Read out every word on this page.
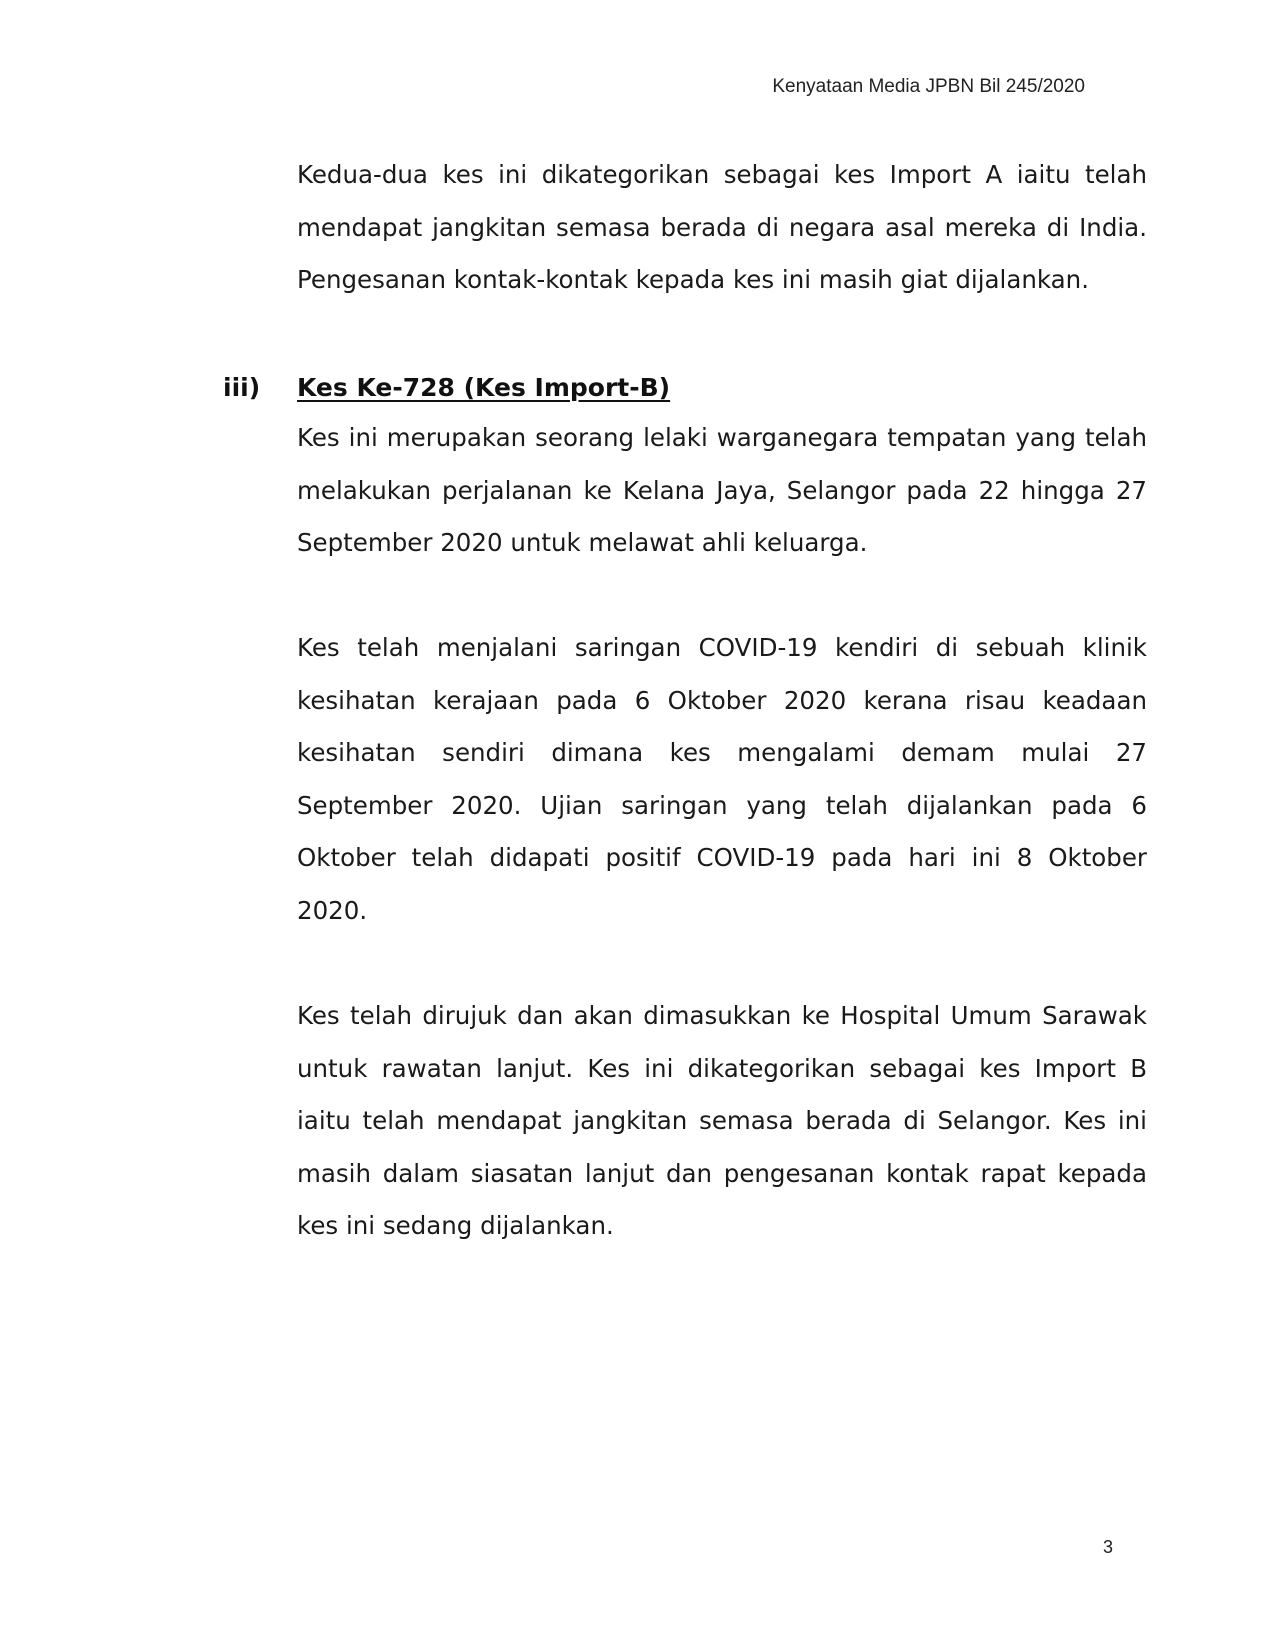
Kenyataan Media JPBN Bil 245/2020

Kedua-dua kes ini dikategorikan sebagai kes Import A iaitu telah mendapat jangkitan semasa berada di negara asal mereka di India. Pengesanan kontak-kontak kepada kes ini masih giat dijalankan.

iii) Kes Ke-728 (Kes Import-B)

Kes ini merupakan seorang lelaki warganegara tempatan yang telah melakukan perjalanan ke Kelana Jaya, Selangor pada 22 hingga 27 September 2020 untuk melawat ahli keluarga.

Kes telah menjalani saringan COVID-19 kendiri di sebuah klinik kesihatan kerajaan pada 6 Oktober 2020 kerana risau keadaan kesihatan sendiri dimana kes mengalami demam mulai 27 September 2020. Ujian saringan yang telah dijalankan pada 6 Oktober telah didapati positif COVID-19 pada hari ini 8 Oktober 2020.

Kes telah dirujuk dan akan dimasukkan ke Hospital Umum Sarawak untuk rawatan lanjut. Kes ini dikategorikan sebagai kes Import B iaitu telah mendapat jangkitan semasa berada di Selangor. Kes ini masih dalam siasatan lanjut dan pengesanan kontak rapat kepada kes ini sedang dijalankan.

3
